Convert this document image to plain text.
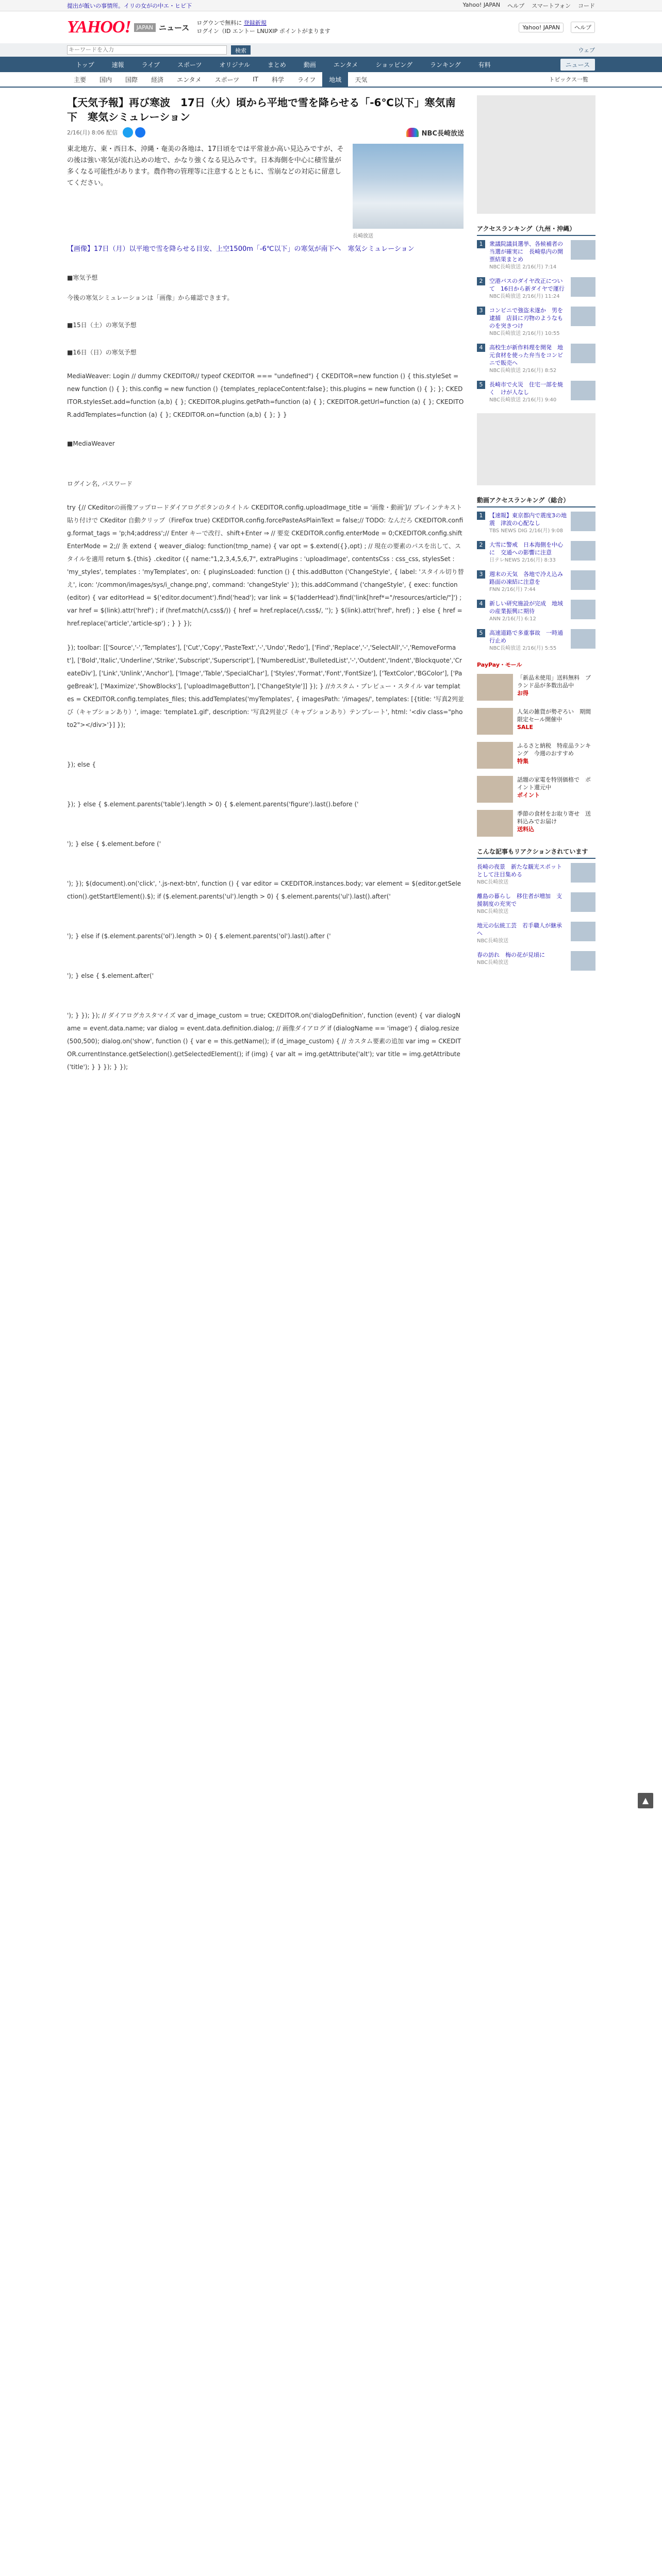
提出が飯いの事情所。イリの女がの中エ・ヒビ下	Yahoo! JAPAN ヘルプ スマートフォン コード
YAHOO!	JAPAN ニュース ログウンで無料に 登録新規
ログイン（ID エントー LNUXIP ポイントがまります
Yahoo! JAPAN	ヘルプ
キーワードを入力
検索	ウェブ
トップ	速報	ライブ	スポーツ	オリジナル	まとめ	動画	エンタメ	ショッピング	ランキング	有料	ニュース
主要	国内	国際	経済	エンタメ	スポーツ	IT	科学	ライフ	地域	天気	トピックス一覧
【天気予報】再び寒波　17日（火）頃から平地で雪を降らせる「-6℃以下」寒気南下　寒気シミュレーション
2/16(月) 8:06 配信	NBC長崎放送

東北地方、東・西日本、沖縄・奄美の各地は、17日頃をでは平常並か高い見込みですが、その後は強い寒気が流れ込めの地で、かなり強くなる見込みです。日本海側を中心に積雪量が多くなる可能性があります。農作物の管理等に注意するとともに、雪崩などの対応に留意してください。

長崎放送
【画像】17日（月）以平地で雪を降らせる目安、上空1500m「-6℃以下」の寒気が南下へ　寒気シミュレーション
■寒気予想
今後の寒気シミュレーションは「画像」から確認できます。
■15日（土）の寒気予想
■16日（日）の寒気予想
MediaWeaver: Login // dummy CKEDITOR// typeof CKEDITOR === "undefined") { CKEDITOR=new function () { this.styleSet = new function () { }; this.config = new function () {templates_replaceContent:false}; this.plugins = new function () { }; }; CKEDITOR.stylesSet.add=function (a,b) { }; CKEDITOR.plugins.getPath=function (a) { }; CKEDITOR.getUrl=function (a) { }; CKEDITOR.addTemplates=function (a) { }; CKEDITOR.on=function (a,b) { }; } }
■MediaWeaver
ログイン名, パスワード
try {// CKeditorの画像アップロードダイアログボタンのタイトル CKEDITOR.config.uploadImage_title = '画像・動画']// プレインテキスト貼り付けで CKeditor 自動クリップ（FireFox true) CKEDITOR.config.forcePasteAsPlainText = false;// TODO: なんだろ CKEDITOR.config.format_tags = 'p;h4;address';// Enter キーで改行、shift+Enter ⇒ // 要変 CKEDITOR.config.enterMode = 0;CKEDITOR.config.shiftEnterMode = 2;// 条 extend { weaver_dialog: function(tmp_name) { var opt = $.extend({},opt) ; // 現在の要素のパスを出して、スタイルを適用 return $.{this} .ckeditor ({ name:"1,2,3,4,5,6,7", extraPlugins : 'uploadImage', contentsCss : css_css, stylesSet : 'my_styles', templates : 'myTemplates', on: { pluginsLoaded: function () { this.addButton ('ChangeStyle', { label: 'スタイル切り替え', icon: '/common/images/sys/i_change.png', command: 'changeStyle' }); this.addCommand ('changeStyle', { exec: function (editor) { var editorHead = $('editor.document').find('head'); var link = $('ladderHead').find('link[href*="/resources/article/"]') ; var href = $(link).attr('href') ; if (href.match(/\.css$/)) { href = href.replace(/\.css$/, ''); } $(link).attr('href', href) ; } else { href = href.replace('article','article-sp') ; } } });

}); toolbar: [['Source','-','Templates'], ['Cut','Copy','PasteText','-','Undo','Redo'], ['Find','Replace','-','SelectAll','-','RemoveFormat'], ['Bold','Italic','Underline','Strike','Subscript','Superscript'], ['NumberedList','BulletedList','-','Outdent','Indent','Blockquote','CreateDiv'], ['Link','Unlink','Anchor'], ['Image','Table','SpecialChar'], ['Styles','Format','Font','FontSize'], ['TextColor','BGColor'], ['PageBreak'], ['Maximize','ShowBlocks'], ['uploadImageButton'], ['ChangeStyle']] }); } //カスタム・プレビュー・スタイル var templates = CKEDITOR.config.templates_files; this.addTemplates('myTemplates', { imagesPath: '/images/', templates: [{title: '写真2列並び（キャプションあり）', image: 'template1.gif', description: '写真2列並び（キャプションあり）テンプレート', html: '<div class="photo2"></div>'}] });

}); else {

}); } else { $.element.parents('table').length > 0) { $.element.parents('figure').last().before ('

'); } else { $.element.before ('

'); }); $(document).on('click', '.js-next-btn', function () { var editor = CKEDITOR.instances.body; var element = $(editor.getSelection().getStartElement().$); if ($.element.parents('ul').length > 0) { $.element.parents('ul').last().after('

'); } else if ($.element.parents('ol').length > 0) { $.element.parents('ol').last().after ('

'); } else { $.element.after('

'); } }); }); // ダイアログカスタマイズ var d_image_custom = true; CKEDITOR.on('dialogDefinition', function (event) { var dialogName = event.data.name; var dialog = event.data.definition.dialog; // 画像ダイアログ if (dialogName == 'image') { dialog.resize(500,500); dialog.on('show', function () { var e = this.getName(); if (d_image_custom) { // カスタム要素の追加 var img = CKEDITOR.currentInstance.getSelection().getSelectedElement(); if (img) { var alt = img.getAttribute('alt'); var title = img.getAttribute('title'); } } }); } });

アクセスランキング（九州・沖縄）
1	衆議院議員選挙、各候補者の当選が確実に　長崎県内の開票結果まとめ
NBC長崎放送 2/16(月) 7:14
2	空港バスのダイヤ改正について　16日から新ダイヤで運行
NBC長崎放送 2/16(月) 11:24
3	コンビニで強盗未遂か　男を逮捕　店員に刃物のようなものを突きつけ
NBC長崎放送 2/16(月) 10:55
4	高校生が新作料理を開発　地元食材を使った弁当をコンビニで販売へ
NBC長崎放送 2/16(月) 8:52
5	長崎市で火災　住宅一部を焼く　けが人なし
NBC長崎放送 2/16(月) 9:40
動画アクセスランキング（総合）
1	【速報】東京都内で震度3の地震　津波の心配なし
TBS NEWS DIG 2/16(月) 9:08
2	大雪に警戒　日本海側を中心に　交通への影響に注意
日テレNEWS 2/16(月) 8:33
3	週末の天気　各地で冷え込み　路面の凍結に注意を
FNN 2/16(月) 7:44
4	新しい研究施設が完成　地域の産業振興に期待
ANN 2/16(月) 6:12
5	高速道路で多重事故　一時通行止め
NBC長崎放送 2/16(月) 5:55
PayPay・モール
「新品未使用」送料無料　ブランド品が多数出品中
お得
人気の雑貨が勢ぞろい　期間限定セール開催中
SALE
ふるさと納税　特産品ランキング　今週のおすすめ
特集
話題の家電を特別価格で　ポイント還元中
ポイント
季節の食材をお取り寄せ　送料込みでお届け
送料込
こんな記事もリアクションされています
長崎の夜景　新たな観光スポットとして注目集める
NBC長崎放送
離島の暮らし　移住者が増加　支援制度の充実で
NBC長崎放送
地元の伝統工芸　若手職人が継承へ
NBC長崎放送
春の訪れ　梅の花が見頃に
NBC長崎放送
▲
